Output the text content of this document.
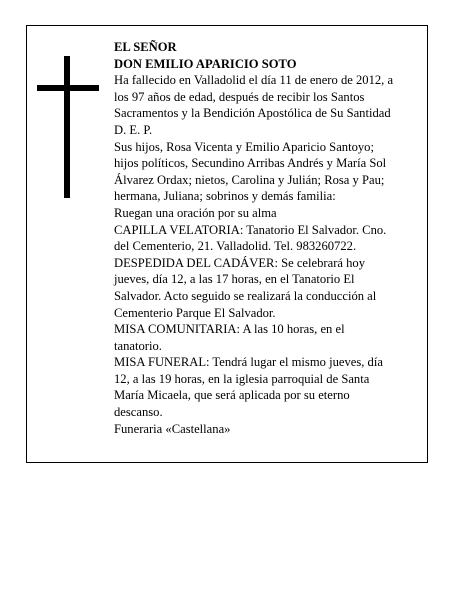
EL SEÑOR
DON EMILIO APARICIO SOTO
Ha fallecido en Valladolid el día 11 de enero de 2012, a
los 97 años de edad, después de recibir los Santos
Sacramentos y la Bendición Apostólica de Su Santidad
D. E. P.
Sus hijos, Rosa Vicenta y Emilio Aparicio Santoyo;
hijos políticos, Secundino Arribas Andrés y María Sol
Álvarez Ordax; nietos, Carolina y Julián; Rosa y Pau;
hermana, Juliana; sobrinos y demás familia:
Ruegan una oración por su alma
CAPILLA VELATORIA: Tanatorio El Salvador. Cno.
del Cementerio, 21. Valladolid. Tel. 983260722.
DESPEDIDA DEL CADÁVER: Se celebrará hoy
jueves, día 12, a las 17 horas, en el Tanatorio El
Salvador. Acto seguido se realizará la conducción al
Cementerio Parque El Salvador.
MISA COMUNITARIA: A las 10 horas, en el
tanatorio.
MISA FUNERAL: Tendrá lugar el mismo jueves, día
12, a las 19 horas, en la iglesia parroquial de Santa
María Micaela, que será aplicada por su eterno
descanso.
Funeraria «Castellana»
